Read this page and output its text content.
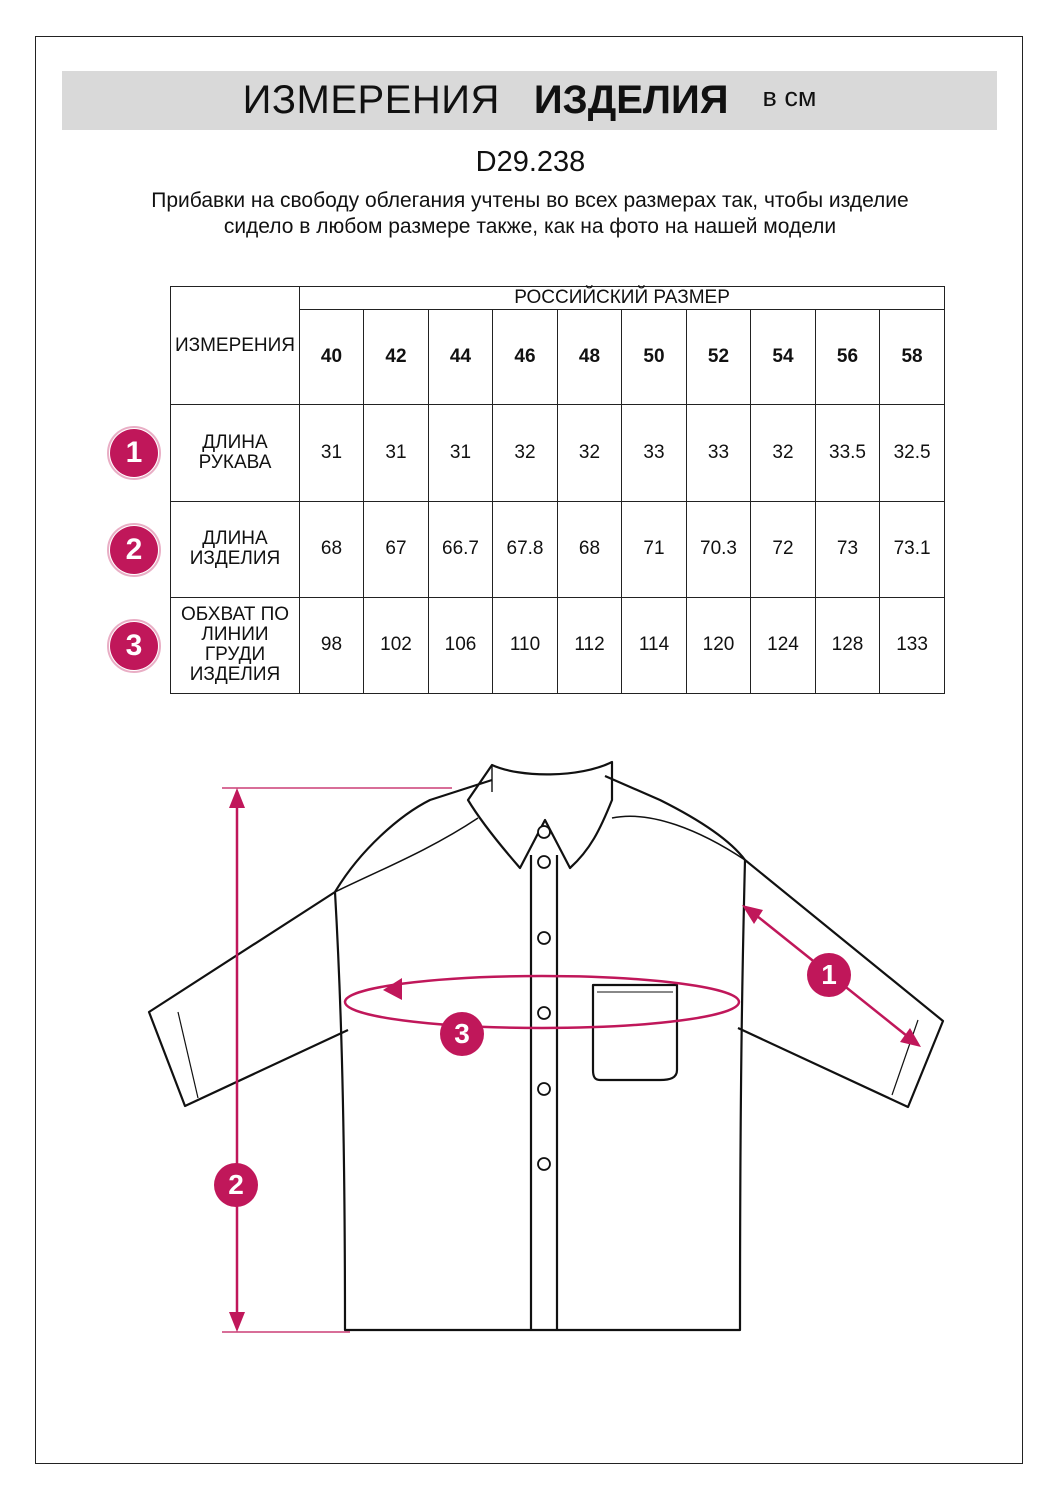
ИЗМЕРЕНИЯ ИЗДЕЛИЯ в см
D29.238
Прибавки на свободу облегания учтены во всех размерах так, чтобы изделие сидело в любом размере также, как на фото на нашей модели
ИЗМЕРЕНИЯ	РОССИЙСКИЙ РАЗМЕР									
	40	42	44	46	48	50	52	54	56	58
ДЛИНА РУКАВА	31	31	31	32	32	33	33	32	33.5	32.5
ДЛИНА ИЗДЕЛИЯ	68	67	66.7	67.8	68	71	70.3	72	73	73.1
ОБХВАТ ПО ЛИНИИ ГРУДИ ИЗДЕЛИЯ	98	102	106	110	112	114	120	124	128	133
1
2
3
1
2
3
